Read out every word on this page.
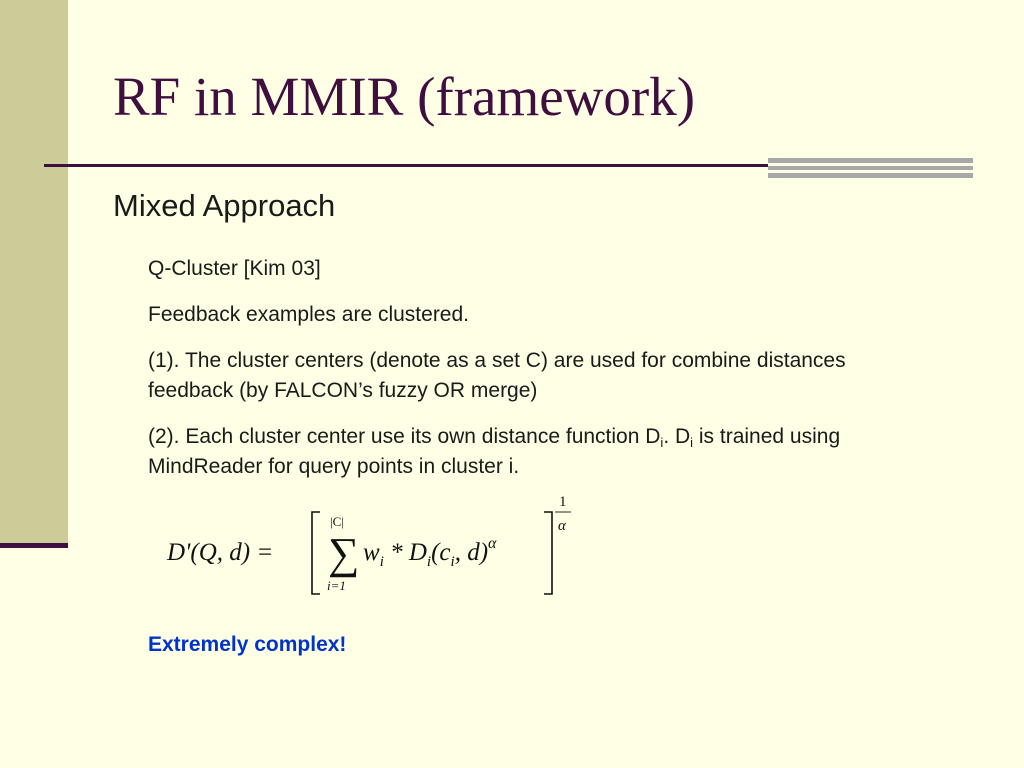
RF in MMIR (framework)
Mixed Approach
Q-Cluster [Kim 03]
Feedback examples are clustered.
(1). The cluster centers (denote as a set C) are used for combine distances feedback (by FALCON’s fuzzy OR merge)
(2). Each cluster center use its own distance function $D_i$. $D_i$ is trained using MindReader for query points in cluster i.
D'(Q, d) =
|C|
∑
i=1
$w_i * D_i(c_i$, d)$^\alpha$
1
α
Extremely complex!
